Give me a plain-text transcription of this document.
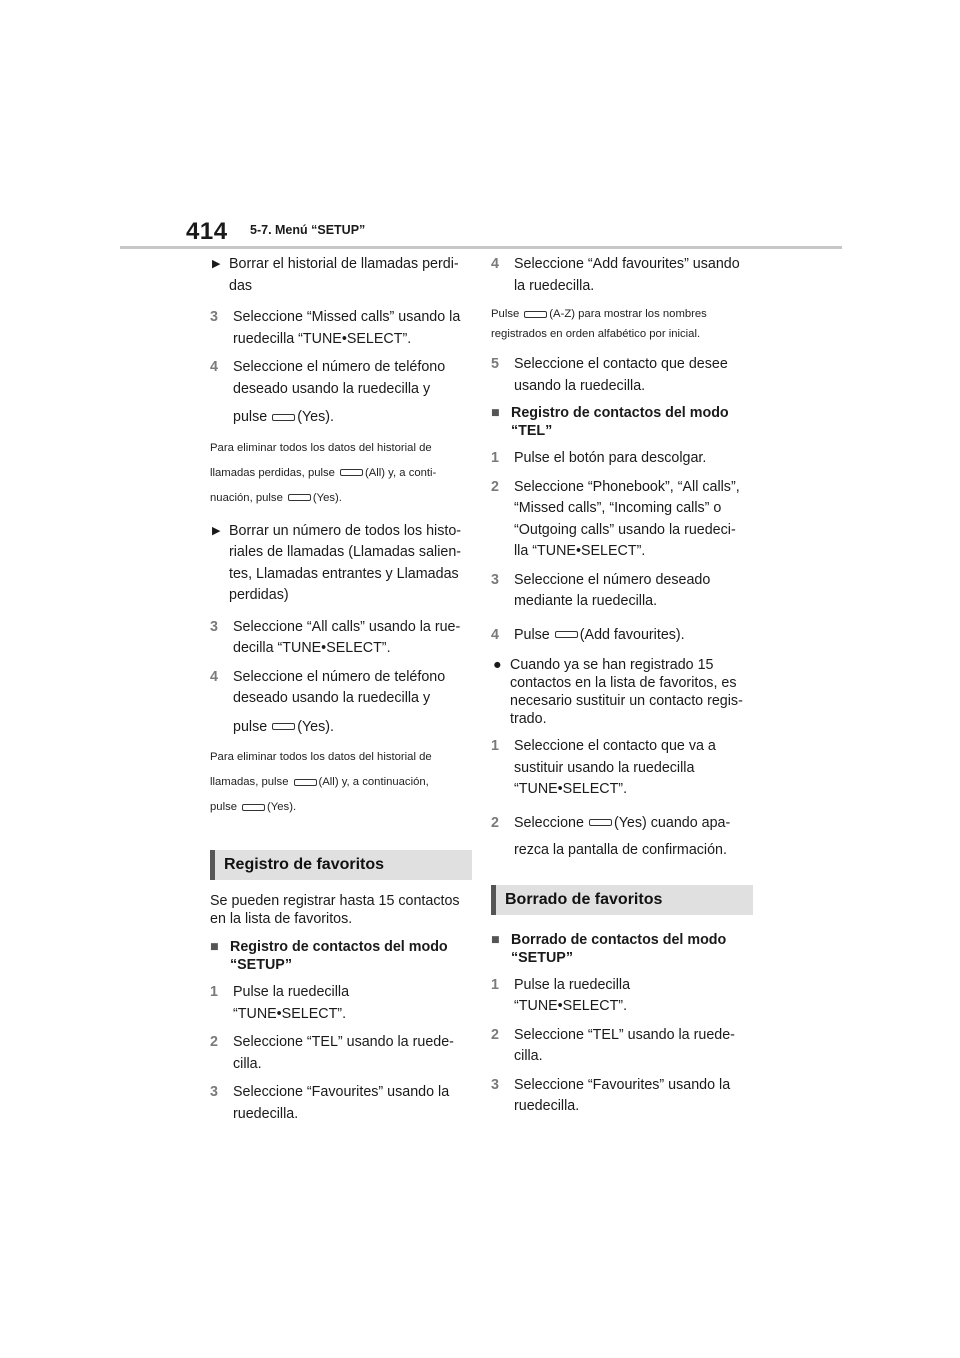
414 5-7. Menú “SETUP”
▶ Borrar el historial de llamadas perdi-
das
3 Seleccione “Missed calls” usando la
ruedecilla “TUNE•SELECT”.
4 Seleccione el número de teléfono
deseado usando la ruedecilla y
pulse (Yes).
Para eliminar todos los datos del historial de
llamadas perdidas, pulse	(All) y, a conti-
nuación, pulse	(Yes).
▶ Borrar un número de todos los histo-
riales de llamadas (Llamadas salien-
tes, Llamadas entrantes y Llamadas
perdidas)
3 Seleccione “All calls” usando la rue-
decilla “TUNE•SELECT”.
4 Seleccione el número de teléfono
deseado usando la ruedecilla y
pulse (Yes).
Para eliminar todos los datos del historial de
llamadas, pulse	(All) y, a continuación,
pulse	(Yes).
Registro de favoritos
Se pueden registrar hasta 15 contactos en la lista de favoritos.
■ Registro de contactos del modo “SETUP”
1 Pulse la ruedecilla
“TUNE•SELECT”.
2 Seleccione “TEL” usando la ruede-
cilla.
3 Seleccione “Favourites” usando la
ruedecilla.
4 Seleccione “Add favourites” usando
la ruedecilla.
Pulse	(A-Z) para mostrar los nombres
registrados en orden alfabético por inicial.
5 Seleccione el contacto que desee
usando la ruedecilla.
■ Registro de contactos del modo “TEL”
1 Pulse el botón para descolgar.
2 Seleccione “Phonebook”, “All calls”,
“Missed calls”, “Incoming calls” o
“Outgoing calls” usando la ruedeci-
lla “TUNE•SELECT”.
3 Seleccione el número deseado
mediante la ruedecilla.
4 Pulse (Add favourites).
● Cuando ya se han registrado 15 contactos en la lista de favoritos, es necesario sustituir un contacto regis-trado.
1 Seleccione el contacto que va a
sustituir usando la ruedecilla
“TUNE•SELECT”.
2 Seleccione (Yes) cuando apa-
rezca la pantalla de confirmación.
Borrado de favoritos
■ Borrado de contactos del modo “SETUP”
1 Pulse la ruedecilla
“TUNE•SELECT”.
2 Seleccione “TEL” usando la ruede-
cilla.
3 Seleccione “Favourites” usando la
ruedecilla.
